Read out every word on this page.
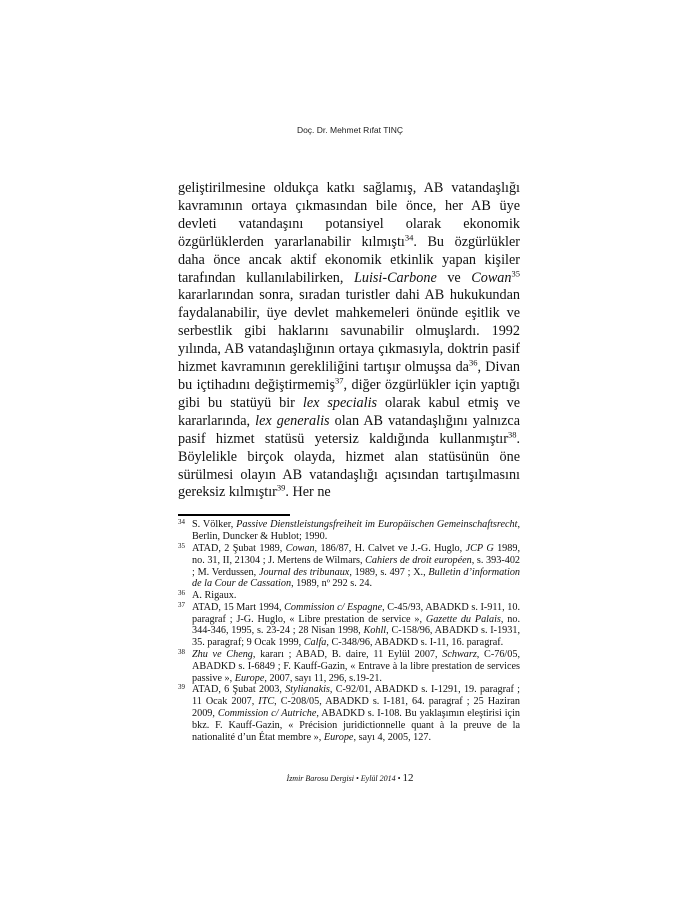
Doç. Dr. Mehmet Rıfat TINÇ
geliştirilmesine oldukça katkı sağlamış, AB vatandaşlığı kavramının ortaya çıkmasından bile önce, her AB üye devleti vatandaşını potansiyel olarak ekonomik özgürlüklerden yararlanabilir kılmıştı$^{34}$. Bu özgürlükler daha önce ancak aktif ekonomik etkinlik yapan kişiler tarafından kullanılabilirken, Luisi-Carbone ve Cowan$^{35}$ kararlarından sonra, sıradan turistler dahi AB hukukundan faydalanabilir, üye devlet mahkemeleri önünde eşitlik ve serbestlik gibi haklarını savunabilir olmuşlardı. 1992 yılında, AB vatandaşlığının ortaya çıkmasıyla, doktrin pasif hizmet kavramının gerekliliğini tartışır olmuşsa $da^{36}$, Divan bu içtihadını değiştirmemiş$^{37}$, diğer özgürlükler için yaptığı gibi bu statüyü bir lex specialis olarak kabul etmiş ve kararlarında, lex generalis olan AB vatandaşlığını yalnızca pasif hizmet statüsü yetersiz kaldığında kullanmıştır$^{38}$. Böylelikle birçok olayda, hizmet alan statüsünün öne sürülmesi olayın AB vatandaşlığı açısından tartışılmasını gereksiz kılmıştır$^{39}$. Her ne
34 S. Völker, Passive Dienstleistungsfreiheit im Europäischen Gemeinschaftsrecht, Berlin, Duncker & Hublot; 1990.
35 ATAD, 2 Şubat 1989, Cowan, 186/87, H. Calvet ve J.-G. Huglo, JCP G 1989, no. 31, II, 21304 ; J. Mertens de Wilmars, Cahiers de droit européen, s. 393-402 ; M. Verdussen, Journal des tribunaux, 1989, s. 497 ; X., Bulletin d’information de la Cour de Cassation, 1989, nº 292 s. 24.
36 A. Rigaux.
37 ATAD, 15 Mart 1994, Commission c/ Espagne, C-45/93, ABADKD s. I-911, 10. paragraf ; J-G. Huglo, « Libre prestation de service », Gazette du Palais, no. 344-346, 1995, s. 23-24 ; 28 Nisan 1998, Kohll, C-158/96, ABADKD s. I-1931, 35. paragraf; 9 Ocak 1999, Calfa, C-348/96, ABADKD s. I-11, 16. paragraf.
38 Zhu ve Cheng, kararı ; ABAD, B. daire, 11 Eylül 2007, Schwarz, C-76/05, ABADKD s. I-6849 ; F. Kauff-Gazin, « Entrave à la libre prestation de services passive », Europe, 2007, sayı 11, 296, s.19-21.
39 ATAD, 6 Şubat 2003, Stylianakis, C-92/01, ABADKD s. I-1291, 19. paragraf ; 11 Ocak 2007, ITC, C-208/05, ABADKD s. I-181, 64. paragraf ; 25 Haziran 2009, Commission c/ Autriche, ABADKD s. I-108. Bu yaklaşımın eleştirisi için bkz. F. Kauff-Gazin, « Précision juridictionnelle quant à la preuve de la nationalité d’un État membre », Europe, sayı 4, 2005, 127.
İzmir Barosu Dergisi • Eylül 2014 • 12
